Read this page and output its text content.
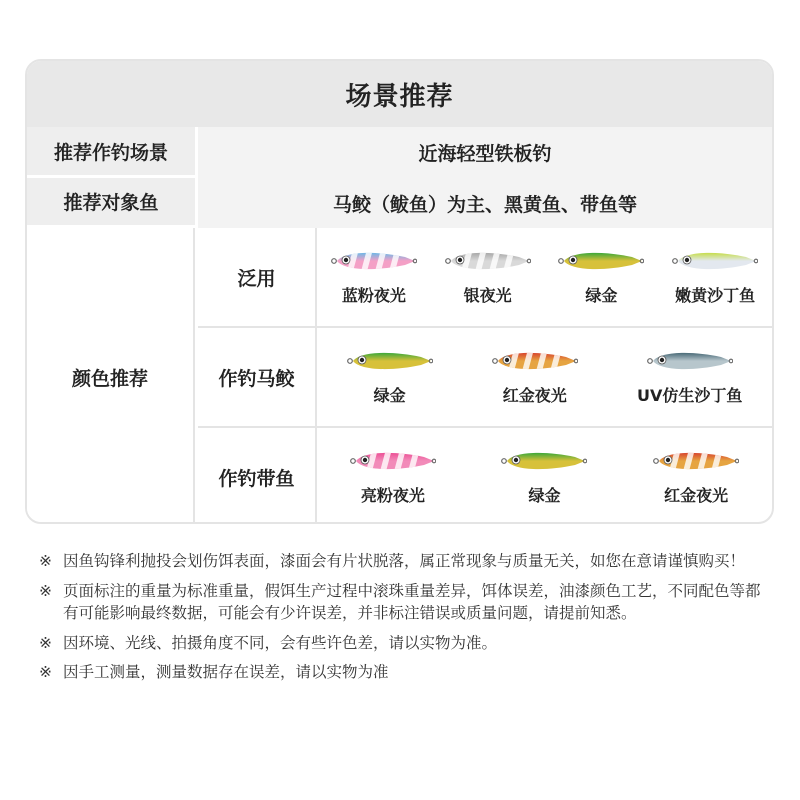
场景推荐
推荐作钓场景	近海轻型铁板钓
推荐对象鱼	马鲛（鲅鱼）为主、黑黄鱼、带鱼等
颜色推荐
泛用
蓝粉夜光	银夜光	绿金	嫩黄沙丁鱼
作钓马鲛
绿金	红金夜光	UV仿生沙丁鱼
作钓带鱼
亮粉夜光	绿金	红金夜光
※ 因鱼钩锋利抛投会划伤饵表面，漆面会有片状脱落，属正常现象与质量无关，如您在意请谨慎购买！
※ 页面标注的重量为标准重量，假饵生产过程中滚珠重量差异，饵体误差，油漆颜色工艺，不同配色等都有可能影响最终数据，可能会有少许误差，并非标注错误或质量问题，请提前知悉。
※ 因环境、光线、拍摄角度不同，会有些许色差，请以实物为准。
※ 因手工测量，测量数据存在误差，请以实物为准
